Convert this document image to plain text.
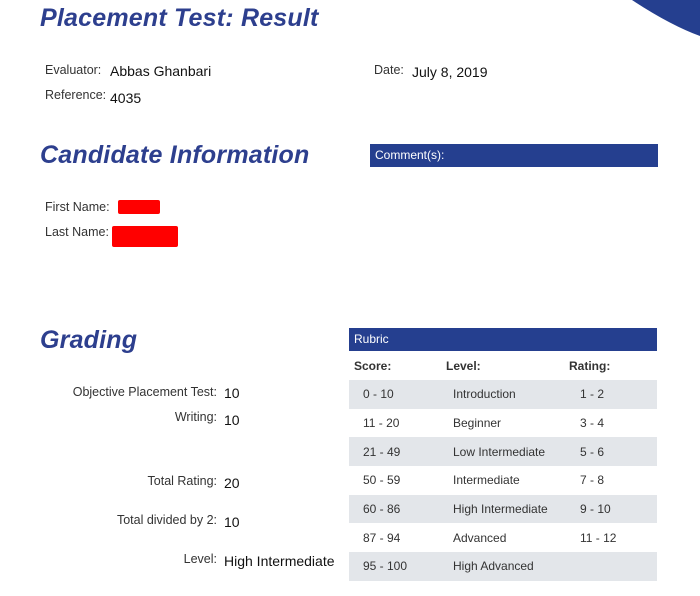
Placement Test: Result
Evaluator: Abbas Ghanbari
Reference: 4035
Date: July 8, 2019
Candidate Information	Comment(s):
First Name:
Last Name:
Grading
Objective Placement Test: 10
Writing: 10
Total Rating: 20
Total divided by 2: 10
Level: High Intermediate
Rubric
Score:	Level:	Rating:
0 - 10	Introduction	1 - 2
11 - 20	Beginner	3 - 4
21 - 49	Low Intermediate	5 - 6
50 - 59	Intermediate	7 - 8
60 - 86	High Intermediate	9 - 10
87 - 94	Advanced	11 - 12
95 - 100	High Advanced
